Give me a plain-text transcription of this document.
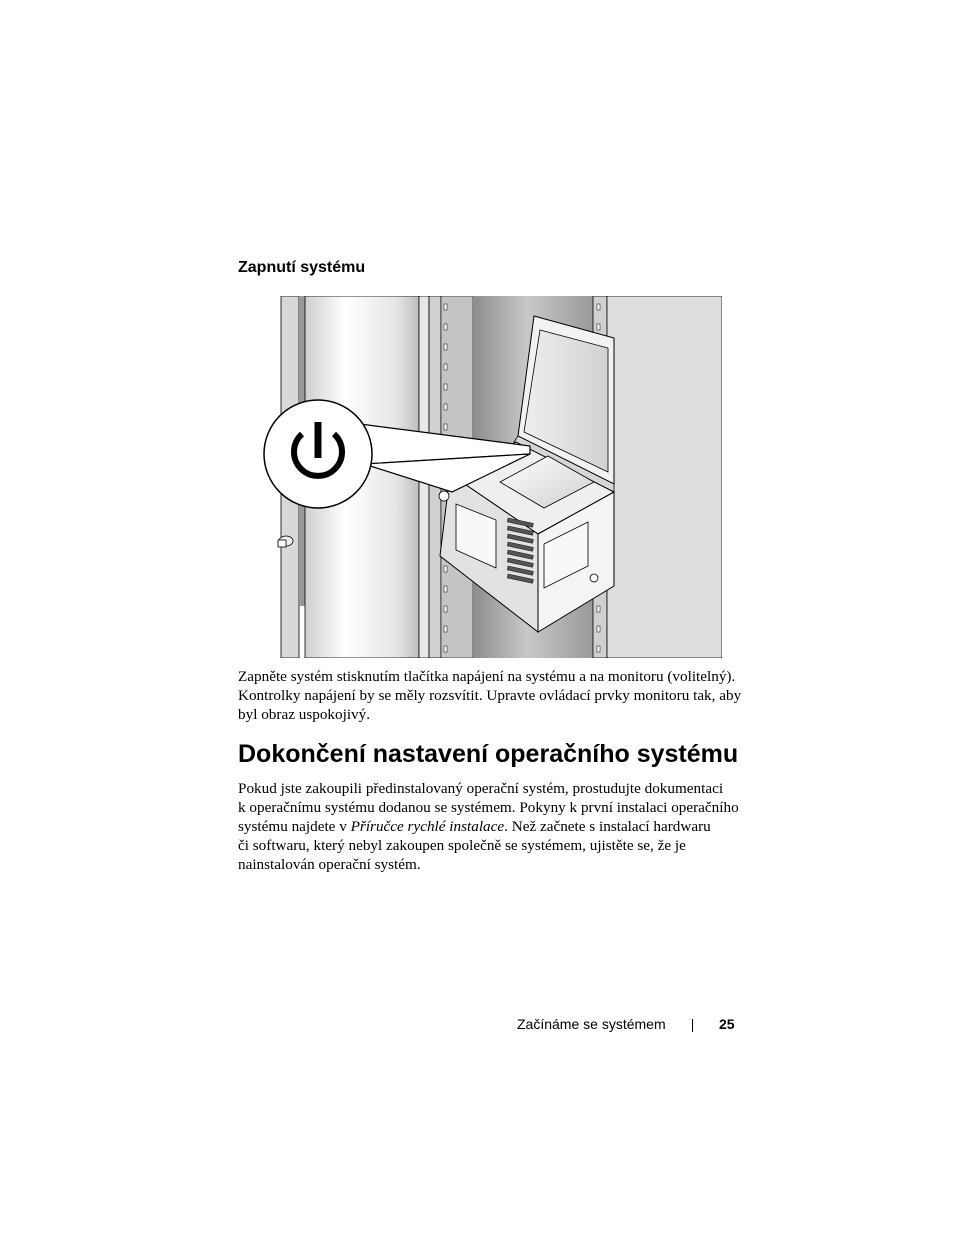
Zapnutí systému

Zapněte systém stisknutím tlačítka napájení na systému a na monitoru (volitelný).
Kontrolky napájení by se měly rozsvítit. Upravte ovládací prvky monitoru tak, aby
byl obraz uspokojivý.

Dokončení nastavení operačního systému

Pokud jste zakoupili předinstalovaný operační systém, prostudujte dokumentaci
k operačnímu systému dodanou se systémem. Pokyny k první instalaci operačního
systému najdete v Příručce rychlé instalace. Než začnete s instalací hardwaru
či softwaru, který nebyl zakoupen společně se systémem, ujistěte se, že je
nainstalován operační systém.

Začínáme se systémem	25
